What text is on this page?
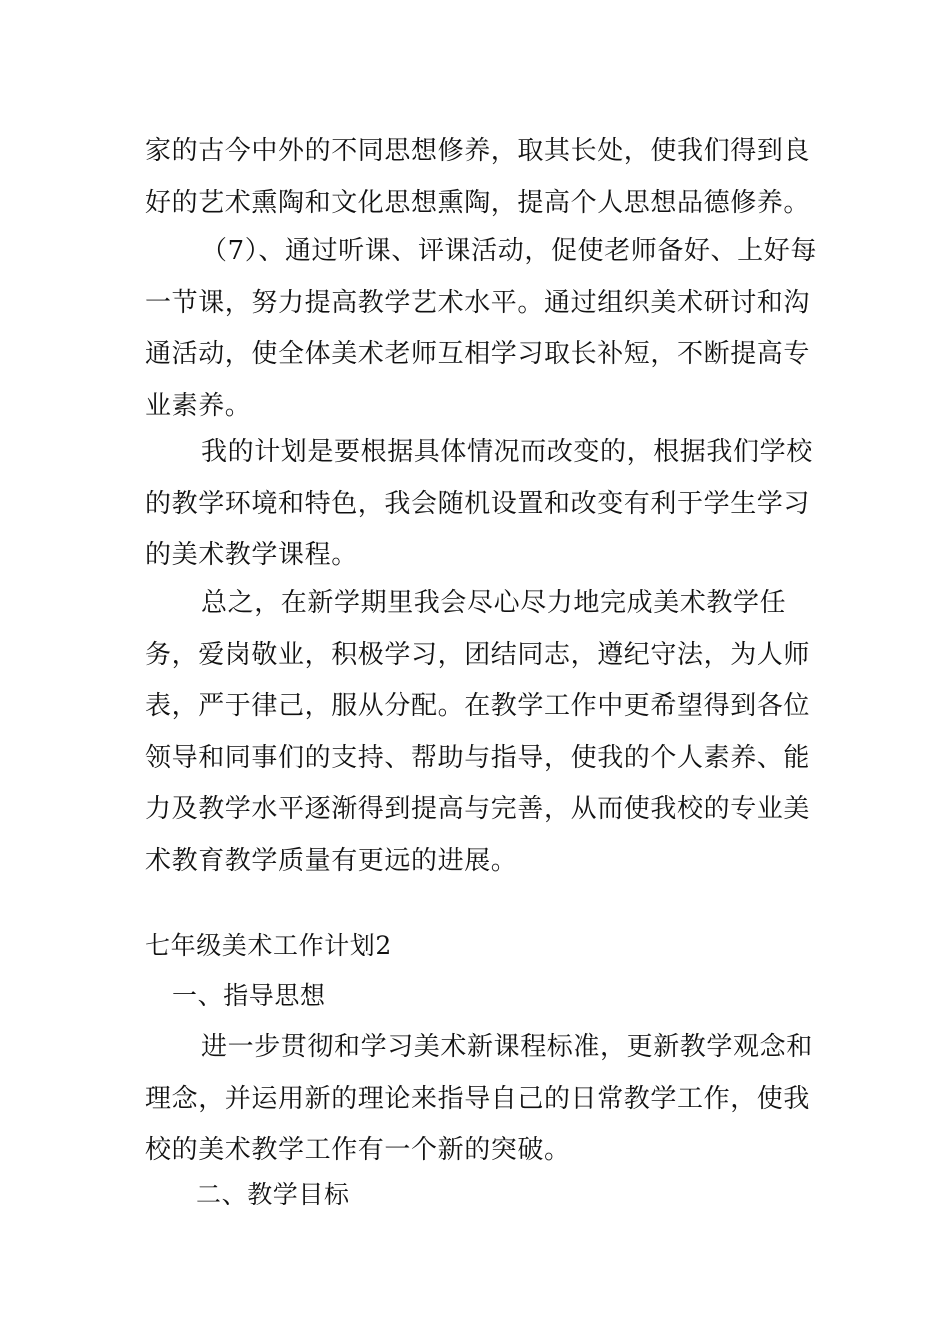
家的古今中外的不同思想修养，取其长处，使我们得到良好的艺术熏陶和文化思想熏陶，提高个人思想品德修养。

（7）、通过听课、评课活动，促使老师备好、上好每一节课，努力提高教学艺术水平。通过组织美术研讨和沟通活动，使全体美术老师互相学习取长补短，不断提高专业素养。

我的计划是要根据具体情况而改变的，根据我们学校的教学环境和特色，我会随机设置和改变有利于学生学习的美术教学课程。

总之，在新学期里我会尽心尽力地完成美术教学任务，爱岗敬业，积极学习，团结同志，遵纪守法，为人师表，严于律己，服从分配。在教学工作中更希望得到各位领导和同事们的支持、帮助与指导，使我的个人素养、能力及教学水平逐渐得到提高与完善，从而使我校的专业美术教育教学质量有更远的进展。

七年级美术工作计划2
一、指导思想

进一步贯彻和学习美术新课程标准，更新教学观念和理念，并运用新的理论来指导自己的日常教学工作，使我校的美术教学工作有一个新的突破。

二、教学目标
